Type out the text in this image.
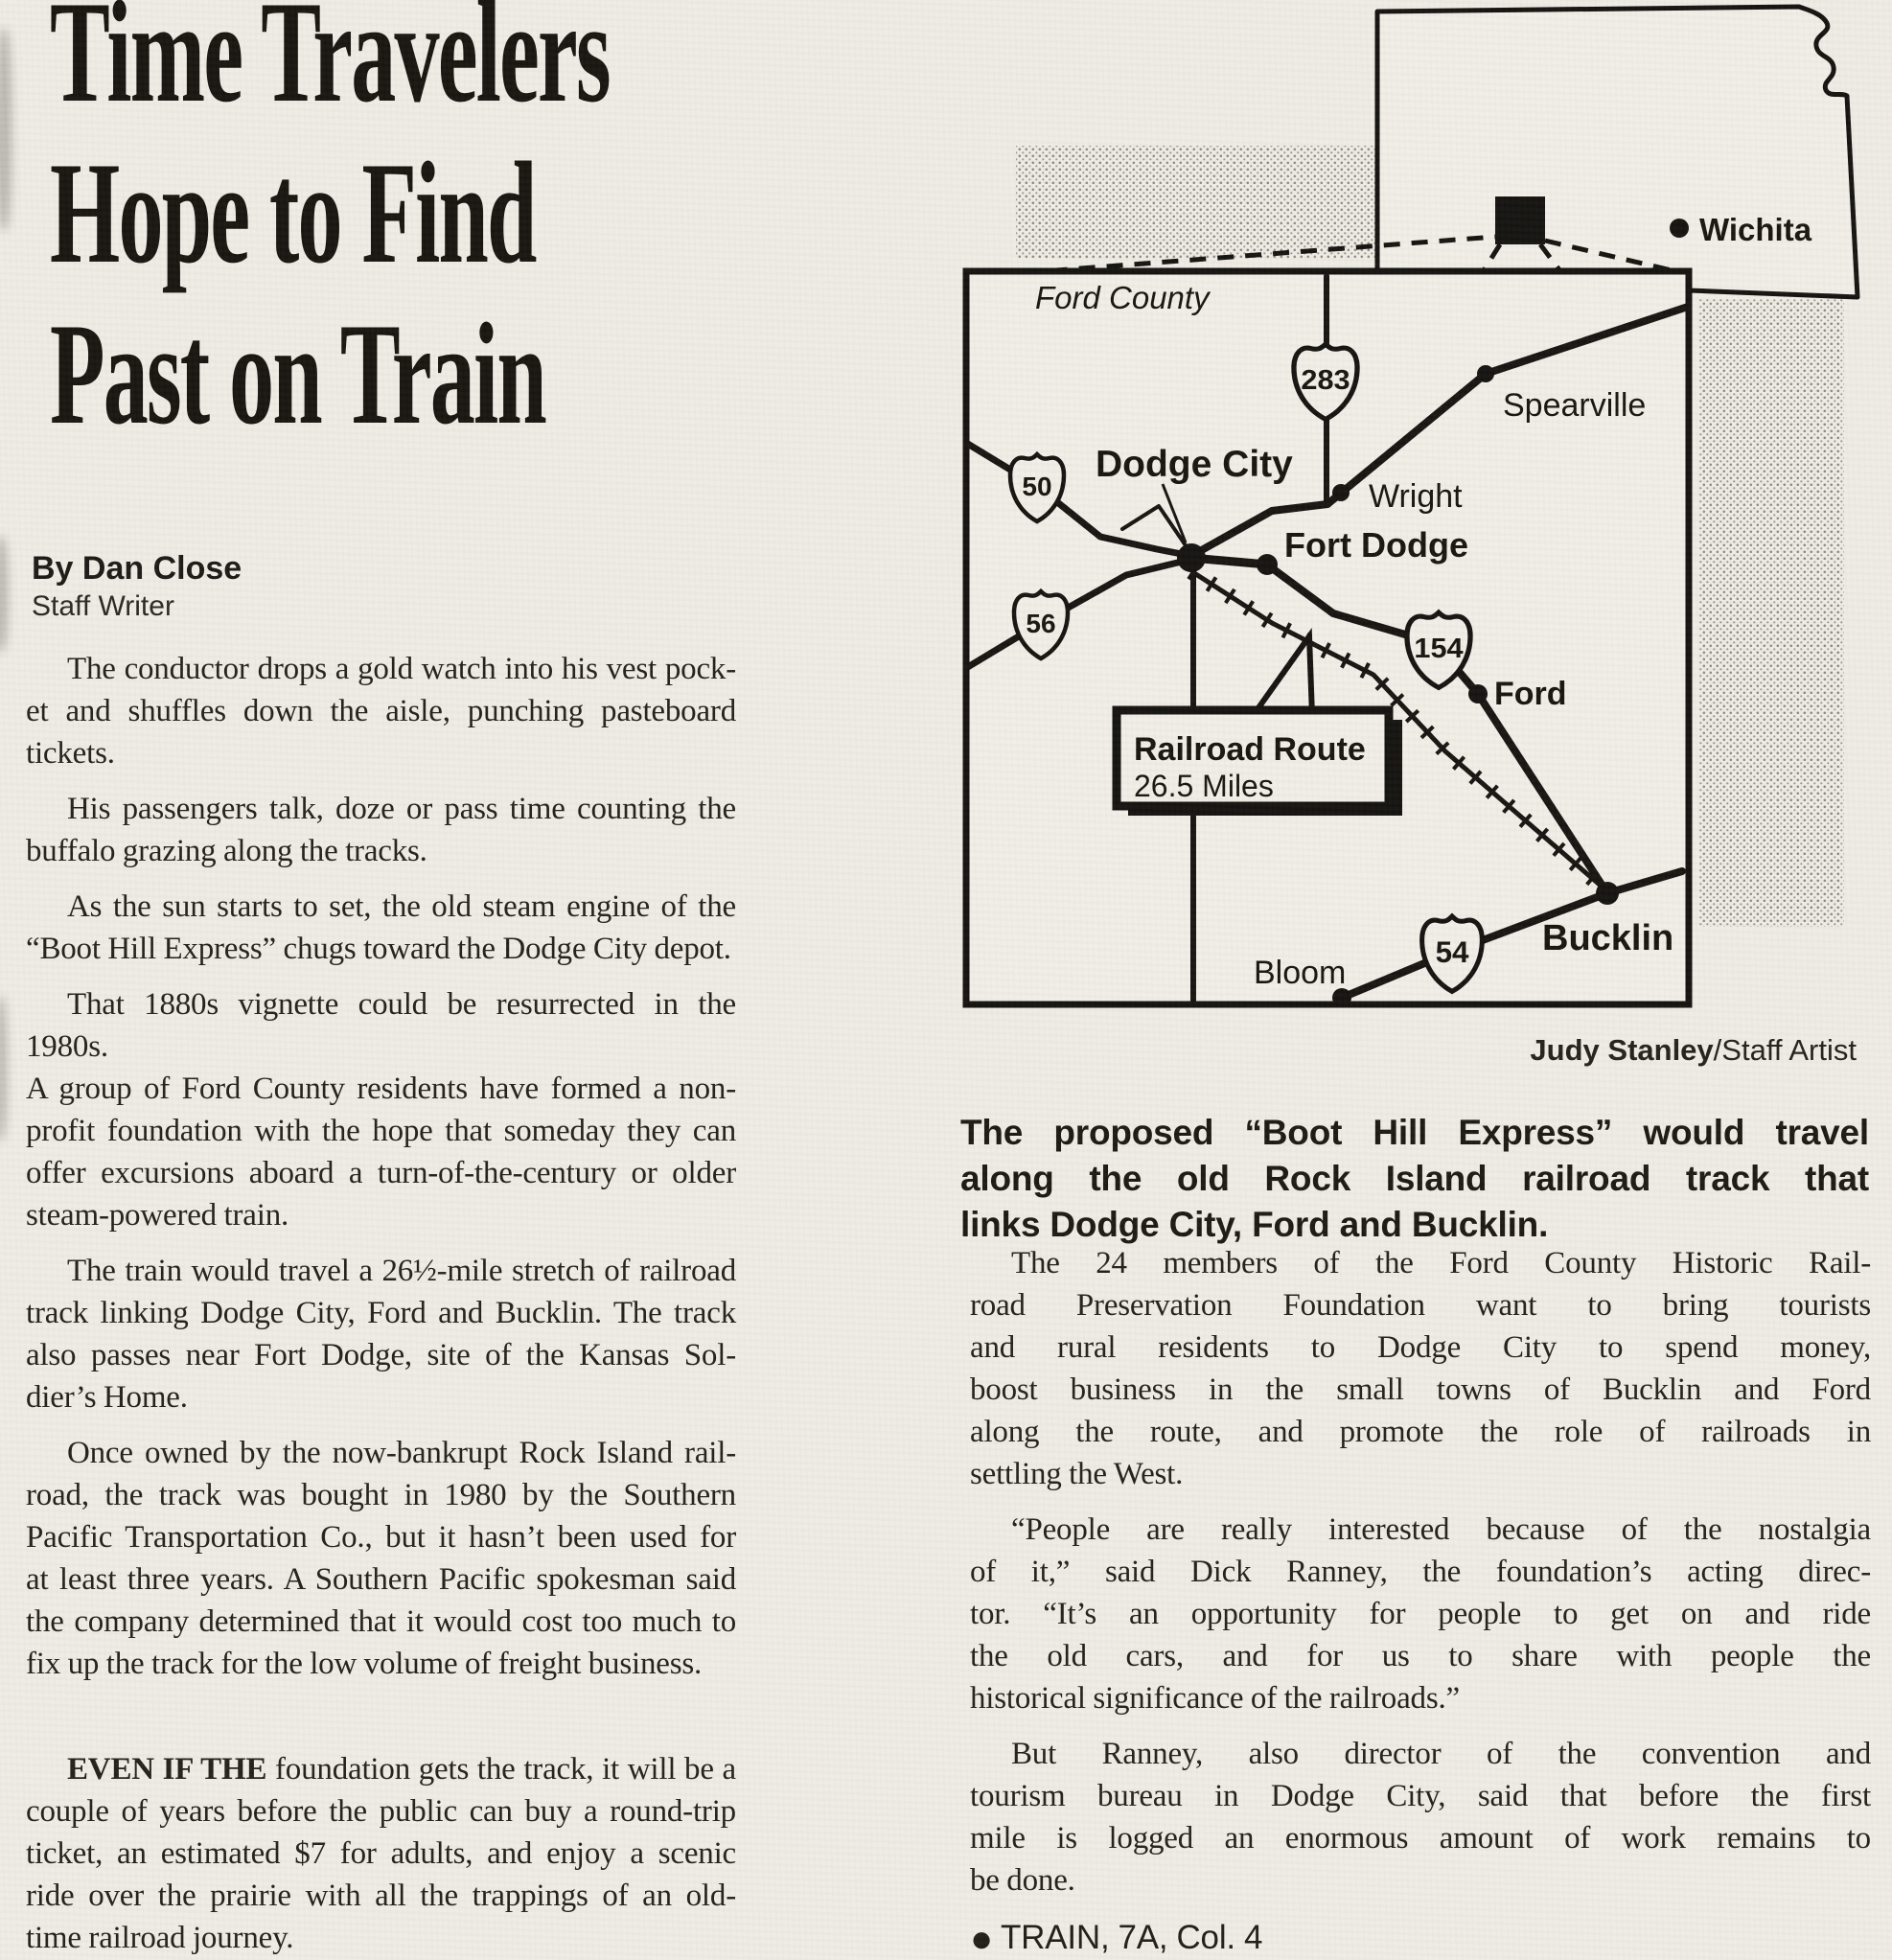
Time Travelers
Hope to Find
Past on Train
By Dan Close
Staff Writer
The conductor drops a gold watch into his vest pock-
et and shuffles down the aisle, punching pasteboard
tickets.
His passengers talk, doze or pass time counting the
buffalo grazing along the tracks.
As the sun starts to set, the old steam engine of the
“Boot Hill Express” chugs toward the Dodge City depot.
That 1880s vignette could be resurrected in the 1980s.
A group of Ford County residents have formed a non-
profit foundation with the hope that someday they can
offer excursions aboard a turn-of-the-century or older
steam-powered train.
The train would travel a 26½-mile stretch of railroad
track linking Dodge City, Ford and Bucklin. The track
also passes near Fort Dodge, site of the Kansas Sol-
dier’s Home.
Once owned by the now-bankrupt Rock Island rail-
road, the track was bought in 1980 by the Southern
Pacific Transportation Co., but it hasn’t been used for
at least three years. A Southern Pacific spokesman said
the company determined that it would cost too much to
fix up the track for the low volume of freight business.
EVEN IF THE foundation gets the track, it will be a
couple of years before the public can buy a round-trip
ticket, an estimated $7 for adults, and enjoy a scenic
ride over the prairie with all the trappings of an old-
time railroad journey.
Wichita
Ford County
Railroad Route
26.5 Miles
283
50
56
154
54
Dodge City
Fort Dodge
Wright
Spearville
Ford
Bucklin
Bloom
Judy Stanley/Staff Artist
The proposed “Boot Hill Express” would travel
along the old Rock Island railroad track that
links Dodge City, Ford and Bucklin.
The 24 members of the Ford County Historic Rail-
road Preservation Foundation want to bring tourists
and rural residents to Dodge City to spend money,
boost business in the small towns of Bucklin and Ford
along the route, and promote the role of railroads in
settling the West.
“People are really interested because of the nostalgia
of it,” said Dick Ranney, the foundation’s acting direc-
tor. “It’s an opportunity for people to get on and ride
the old cars, and for us to share with people the
historical significance of the railroads.”
But Ranney, also director of the convention and
tourism bureau in Dodge City, said that before the first
mile is logged an enormous amount of work remains to
be done.
● TRAIN, 7A, Col. 4
